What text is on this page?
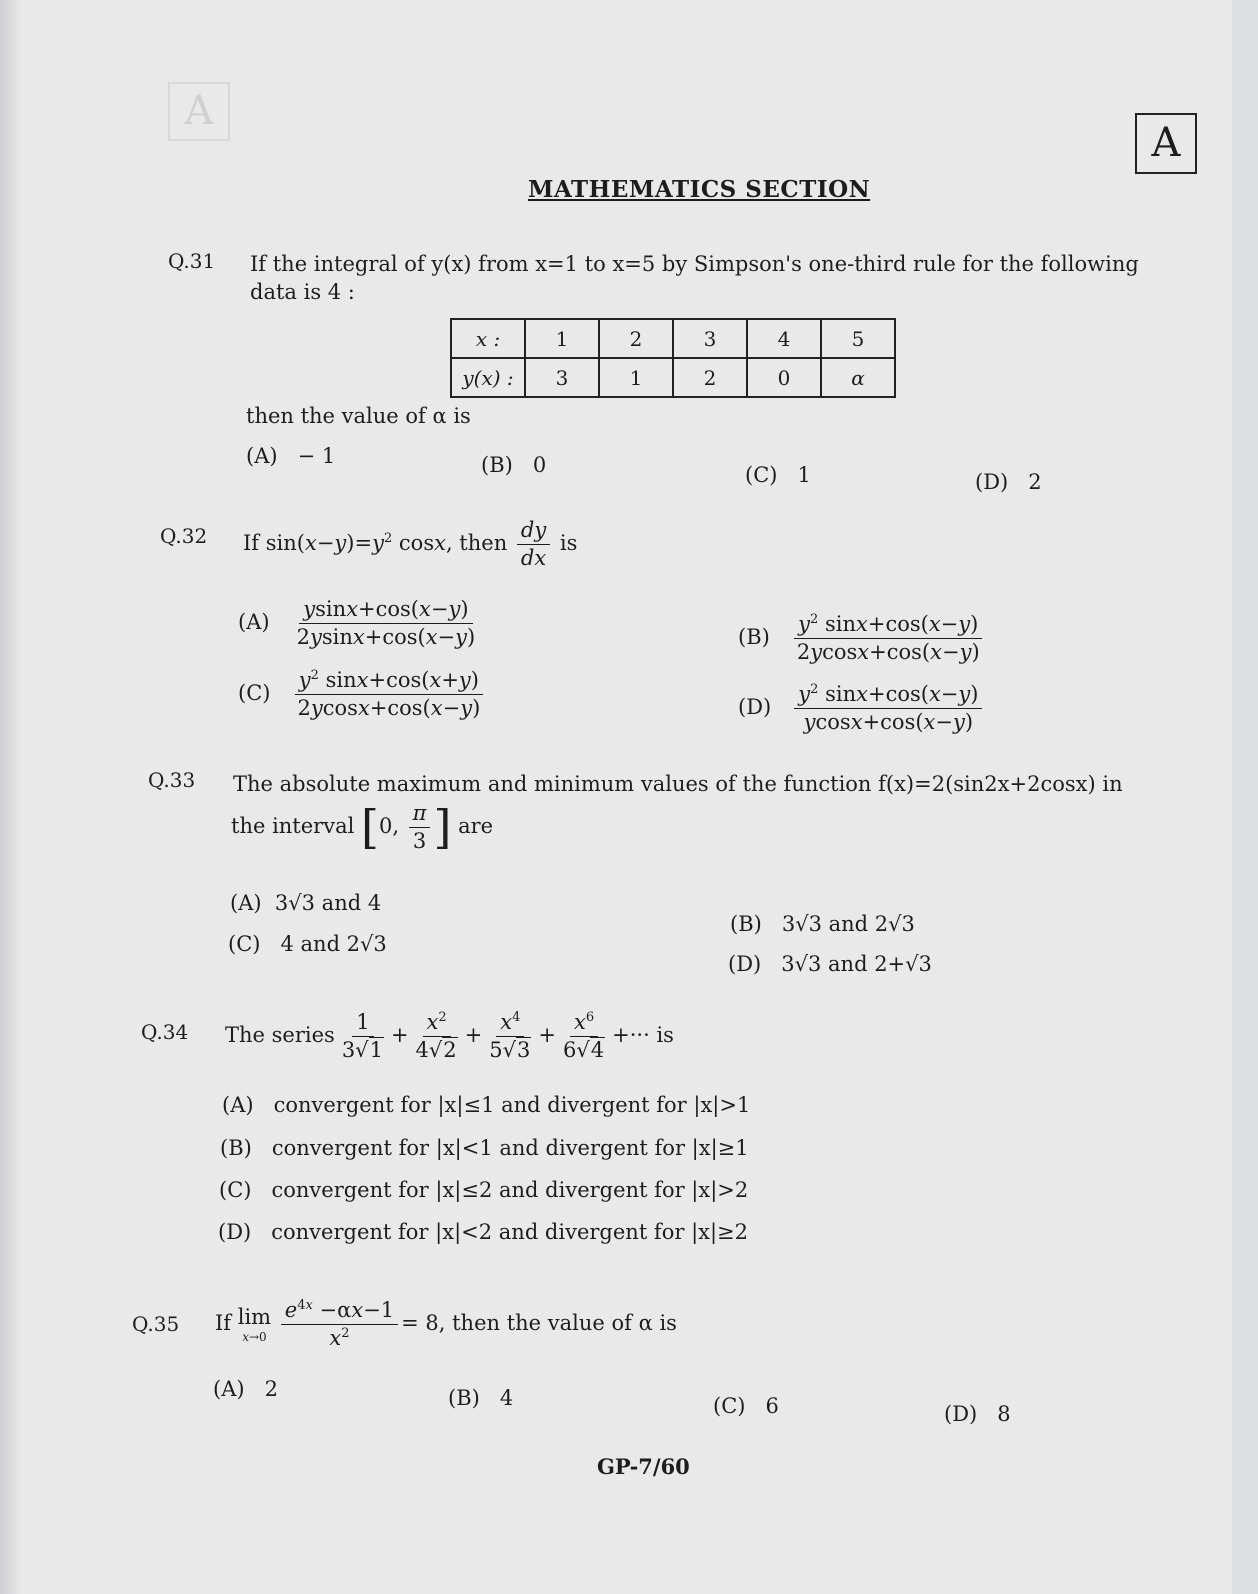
A
A
MATHEMATICS SECTION
Q.31 If the integral of y(x) from x=1 to x=5 by Simpson's one-third rule for the following
data is 4 :
x :	1	2	3	4	5
y(x) :	3	1	2	0	α
then the value of α is
(A)   − 1	(B)   0	(C)   1	(D)   2
Q.32 If $\sin(x-y)=y^2$ cosx, then $\frac{dy}{dx}$ is
$(A) \frac{ysinx+\cos(x-y)}{2ysinx+\cos(x-y)}$	$(B) \frac{y^2 \sin x+\cos(x-y)}{2ycosx+\cos(x-y)}$
$(C) \frac{y^2 \sin x+\cos(x+y)}{2ycosx+\cos(x-y)}$	$(D) \frac{y^2 \sin x+\cos(x-y)}{ycosx+\cos(x-y)}$
Q.33 The absolute maximum and minimum values of the function f(x)=2(sin2x+2cosx) in
the interval [0, $\frac{\pi}{3}$ ] are
(A)  3√3 and 4
(C)   4 and 2√3
(B)   3√3 and 2√3
(D)   3√3 and 2+√3
Q.34 The series $\frac{1}{3√1} + \frac{x^2}{4√2} + \frac{x^4}{5√3} + \frac{x^6}{6√4}$ +··· is
(A)   convergent for |x|≤1 and divergent for |x|>1
(B)   convergent for |x|<1 and divergent for |x|≥1
(C)   convergent for |x|≤2 and divergent for |x|>2
(D)   convergent for |x|<2 and divergent for |x|≥2
Q.35 If lim
x→0
$\frac{e^{4x} -\alpha x-1}{x^2} = 8$, then the value of α is
(A)   2	(B)   4	(C)   6	(D)   8
GP-7/60
